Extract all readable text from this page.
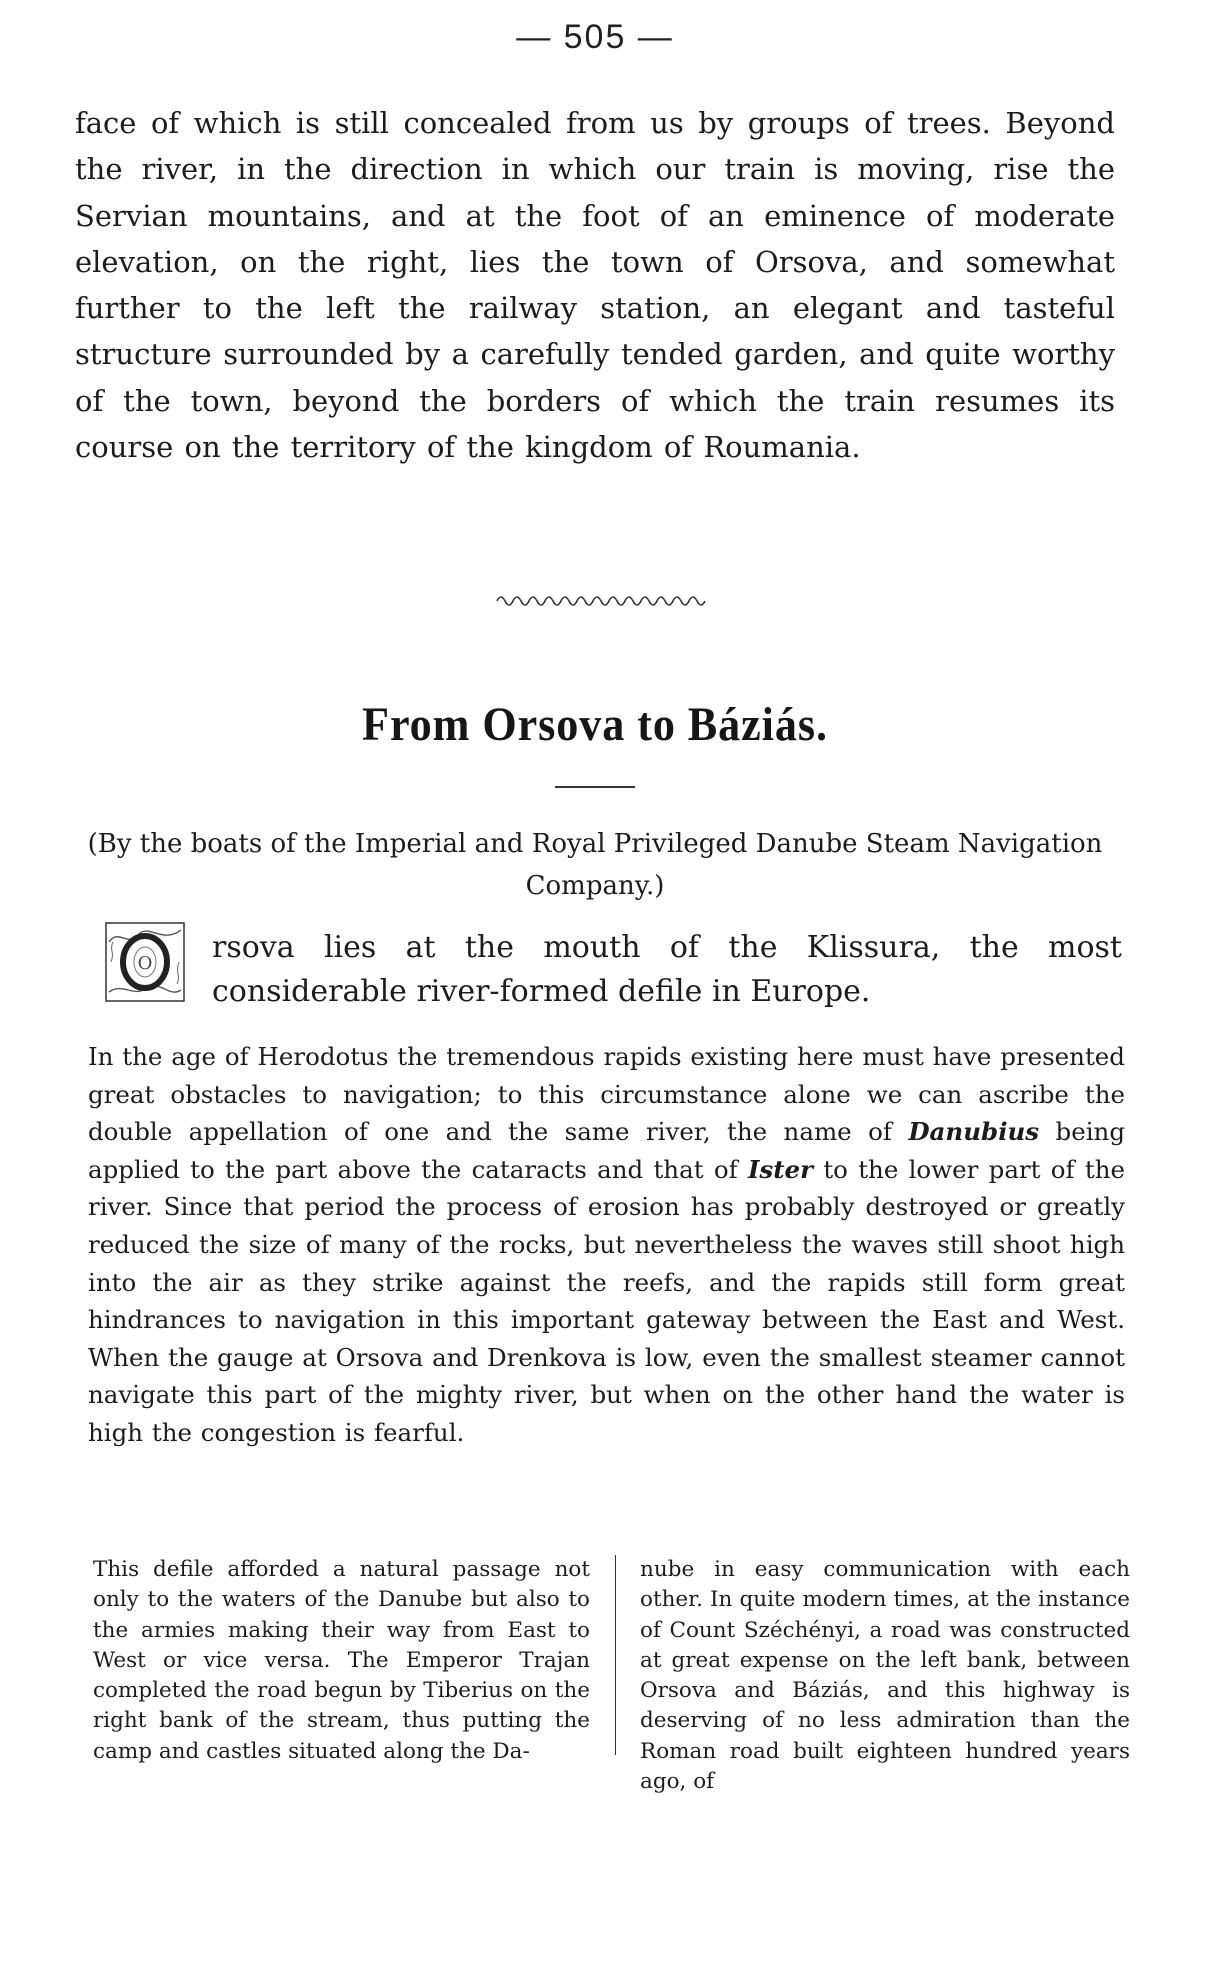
— 505 —

face of which is still concealed from us by groups of trees. Beyond the river, in the direction in which our train is moving, rise the Servian mountains, and at the foot of an eminence of moderate elevation, on the right, lies the town of Orsova, and somewhat further to the left the railway station, an elegant and tasteful structure surrounded by a carefully tended garden, and quite worthy of the town, beyond the borders of which the train resumes its course on the territory of the kingdom of Roumania.

From Orsova to Báziás.
(By the boats of the Imperial and Royal Privileged Danube Steam Navigation Company.)
O rsova lies at the mouth of the Klissura, the most considerable river-formed defile in Europe.
In the age of Herodotus the tremendous rapids existing here must have presented great obstacles to navigation; to this circumstance alone we can ascribe the double appellation of one and the same river, the name of Danubius being applied to the part above the cataracts and that of Ister to the lower part of the river. Since that period the process of erosion has probably destroyed or greatly reduced the size of many of the rocks, but nevertheless the waves still shoot high into the air as they strike against the reefs, and the rapids still form great hindrances to navigation in this important gateway between the East and West. When the gauge at Orsova and Drenkova is low, even the smallest steamer cannot navigate this part of the mighty river, but when on the other hand the water is high the congestion is fearful.
This defile afforded a natural passage not only to the waters of the Danube but also to the armies making their way from East to West or vice versa. The Emperor Trajan completed the road begun by Tiberius on the right bank of the stream, thus putting the camp and castles situated along the Da-
nube in easy communication with each other. In quite modern times, at the instance of Count Széchényi, a road was constructed at great expense on the left bank, between Orsova and Báziás, and this highway is deserving of no less admiration than the Roman road built eighteen hundred years ago, of
